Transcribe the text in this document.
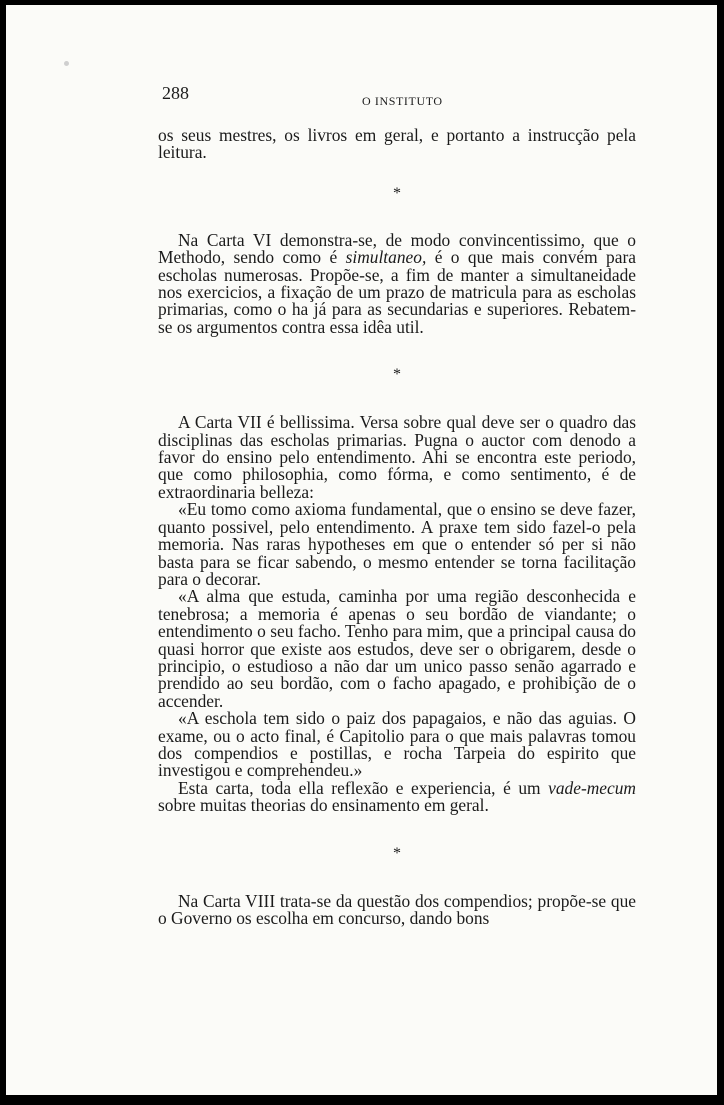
288	O INSTITUTO

os seus mestres, os livros em geral, e portanto a instrucção pela leitura.

*

Na Carta VI demonstra-se, de modo convincentissimo, que o Methodo, sendo como é simultaneo, é o que mais convém para escholas numerosas. Propõe-se, a fim de manter a simultaneidade nos exercicios, a fixação de um prazo de matricula para as escholas primarias, como o ha já para as secundarias e superiores. Rebatem-se os argumentos contra essa idêa util.

*

A Carta VII é bellissima. Versa sobre qual deve ser o quadro das disciplinas das escholas primarias. Pugna o auctor com denodo a favor do ensino pelo entendimento. Ahi se encontra este periodo, que como philosophia, como fórma, e como sentimento, é de extraordinaria belleza:

«Eu tomo como axioma fundamental, que o ensino se deve fazer, quanto possivel, pelo entendimento. A praxe tem sido fazel-o pela memoria. Nas raras hypotheses em que o entender só per si não basta para se ficar sabendo, o mesmo entender se torna facilitação para o decorar.

«A alma que estuda, caminha por uma região desconhecida e tenebrosa; a memoria é apenas o seu bordão de viandante; o entendimento o seu facho. Tenho para mim, que a principal causa do quasi horror que existe aos estudos, deve ser o obrigarem, desde o principio, o estudioso a não dar um unico passo senão agarrado e prendido ao seu bordão, com o facho apagado, e prohibição de o accender.

«A eschola tem sido o paiz dos papagaios, e não das aguias. O exame, ou o acto final, é Capitolio para o que mais palavras tomou dos compendios e postillas, e rocha Tarpeia do espirito que investigou e comprehendeu.»

Esta carta, toda ella reflexão e experiencia, é um vade-mecum sobre muitas theorias do ensinamento em geral.

*

Na Carta VIII trata-se da questão dos compendios; propõe-se que o Governo os escolha em concurso, dando bons
